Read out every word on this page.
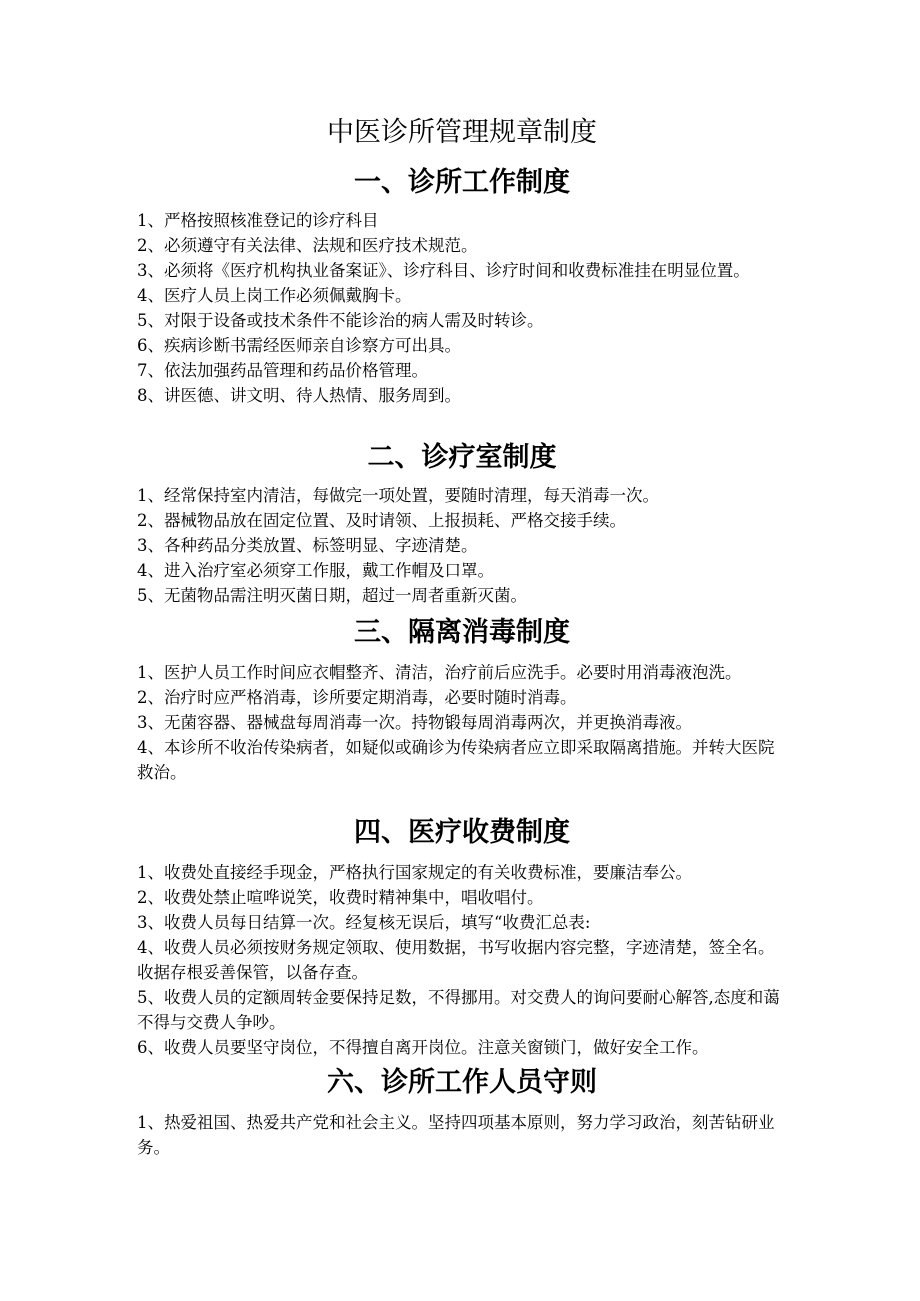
中医诊所管理规章制度
一、诊所工作制度
1、严格按照核准登记的诊疗科目
2、必须遵守有关法律、法规和医疗技术规范。
3、必须将《医疗机构执业备案证》、诊疗科目、诊疗时间和收费标准挂在明显位置。
4、医疗人员上岗工作必须佩戴胸卡。
5、对限于设备或技术条件不能诊治的病人需及时转诊。
6、疾病诊断书需经医师亲自诊察方可出具。
7、依法加强药品管理和药品价格管理。
8、讲医德、讲文明、待人热情、服务周到。
二、诊疗室制度
1、经常保持室内清洁，每做完一项处置，要随时清理，每天消毒一次。
2、器械物品放在固定位置、及时请领、上报损耗、严格交接手续。
3、各种药品分类放置、标签明显、字迹清楚。
4、进入治疗室必须穿工作服，戴工作帽及口罩。
5、无菌物品需注明灭菌日期，超过一周者重新灭菌。
三、隔离消毒制度
1、医护人员工作时间应衣帽整齐、清洁，治疗前后应洗手。必要时用消毒液泡洗。
2、治疗时应严格消毒，诊所要定期消毒，必要时随时消毒。
3、无菌容器、器械盘每周消毒一次。持物锻每周消毒两次，并更换消毒液。
4、本诊所不收治传染病者，如疑似或确诊为传染病者应立即采取隔离措施。并转大医院救治。
四、医疗收费制度
1、收费处直接经手现金，严格执行国家规定的有关收费标准，要廉洁奉公。
2、收费处禁止喧哗说笑，收费时精神集中，唱收唱付。
3、收费人员每日结算一次。经复核无误后，填写“收费汇总表:
4、收费人员必须按财务规定领取、使用数据，书写收据内容完整，字迹清楚，签全名。收据存根妥善保管，以备存查。
5、收费人员的定额周转金要保持足数，不得挪用。对交费人的询问要耐心解答,态度和蔼不得与交费人争吵。
6、收费人员要坚守岗位，不得擅自离开岗位。注意关窗锁门，做好安全工作。
六、诊所工作人员守则
1、热爱祖国、热爱共产党和社会主义。坚持四项基本原则，努力学习政治，刻苦钻研业务。
